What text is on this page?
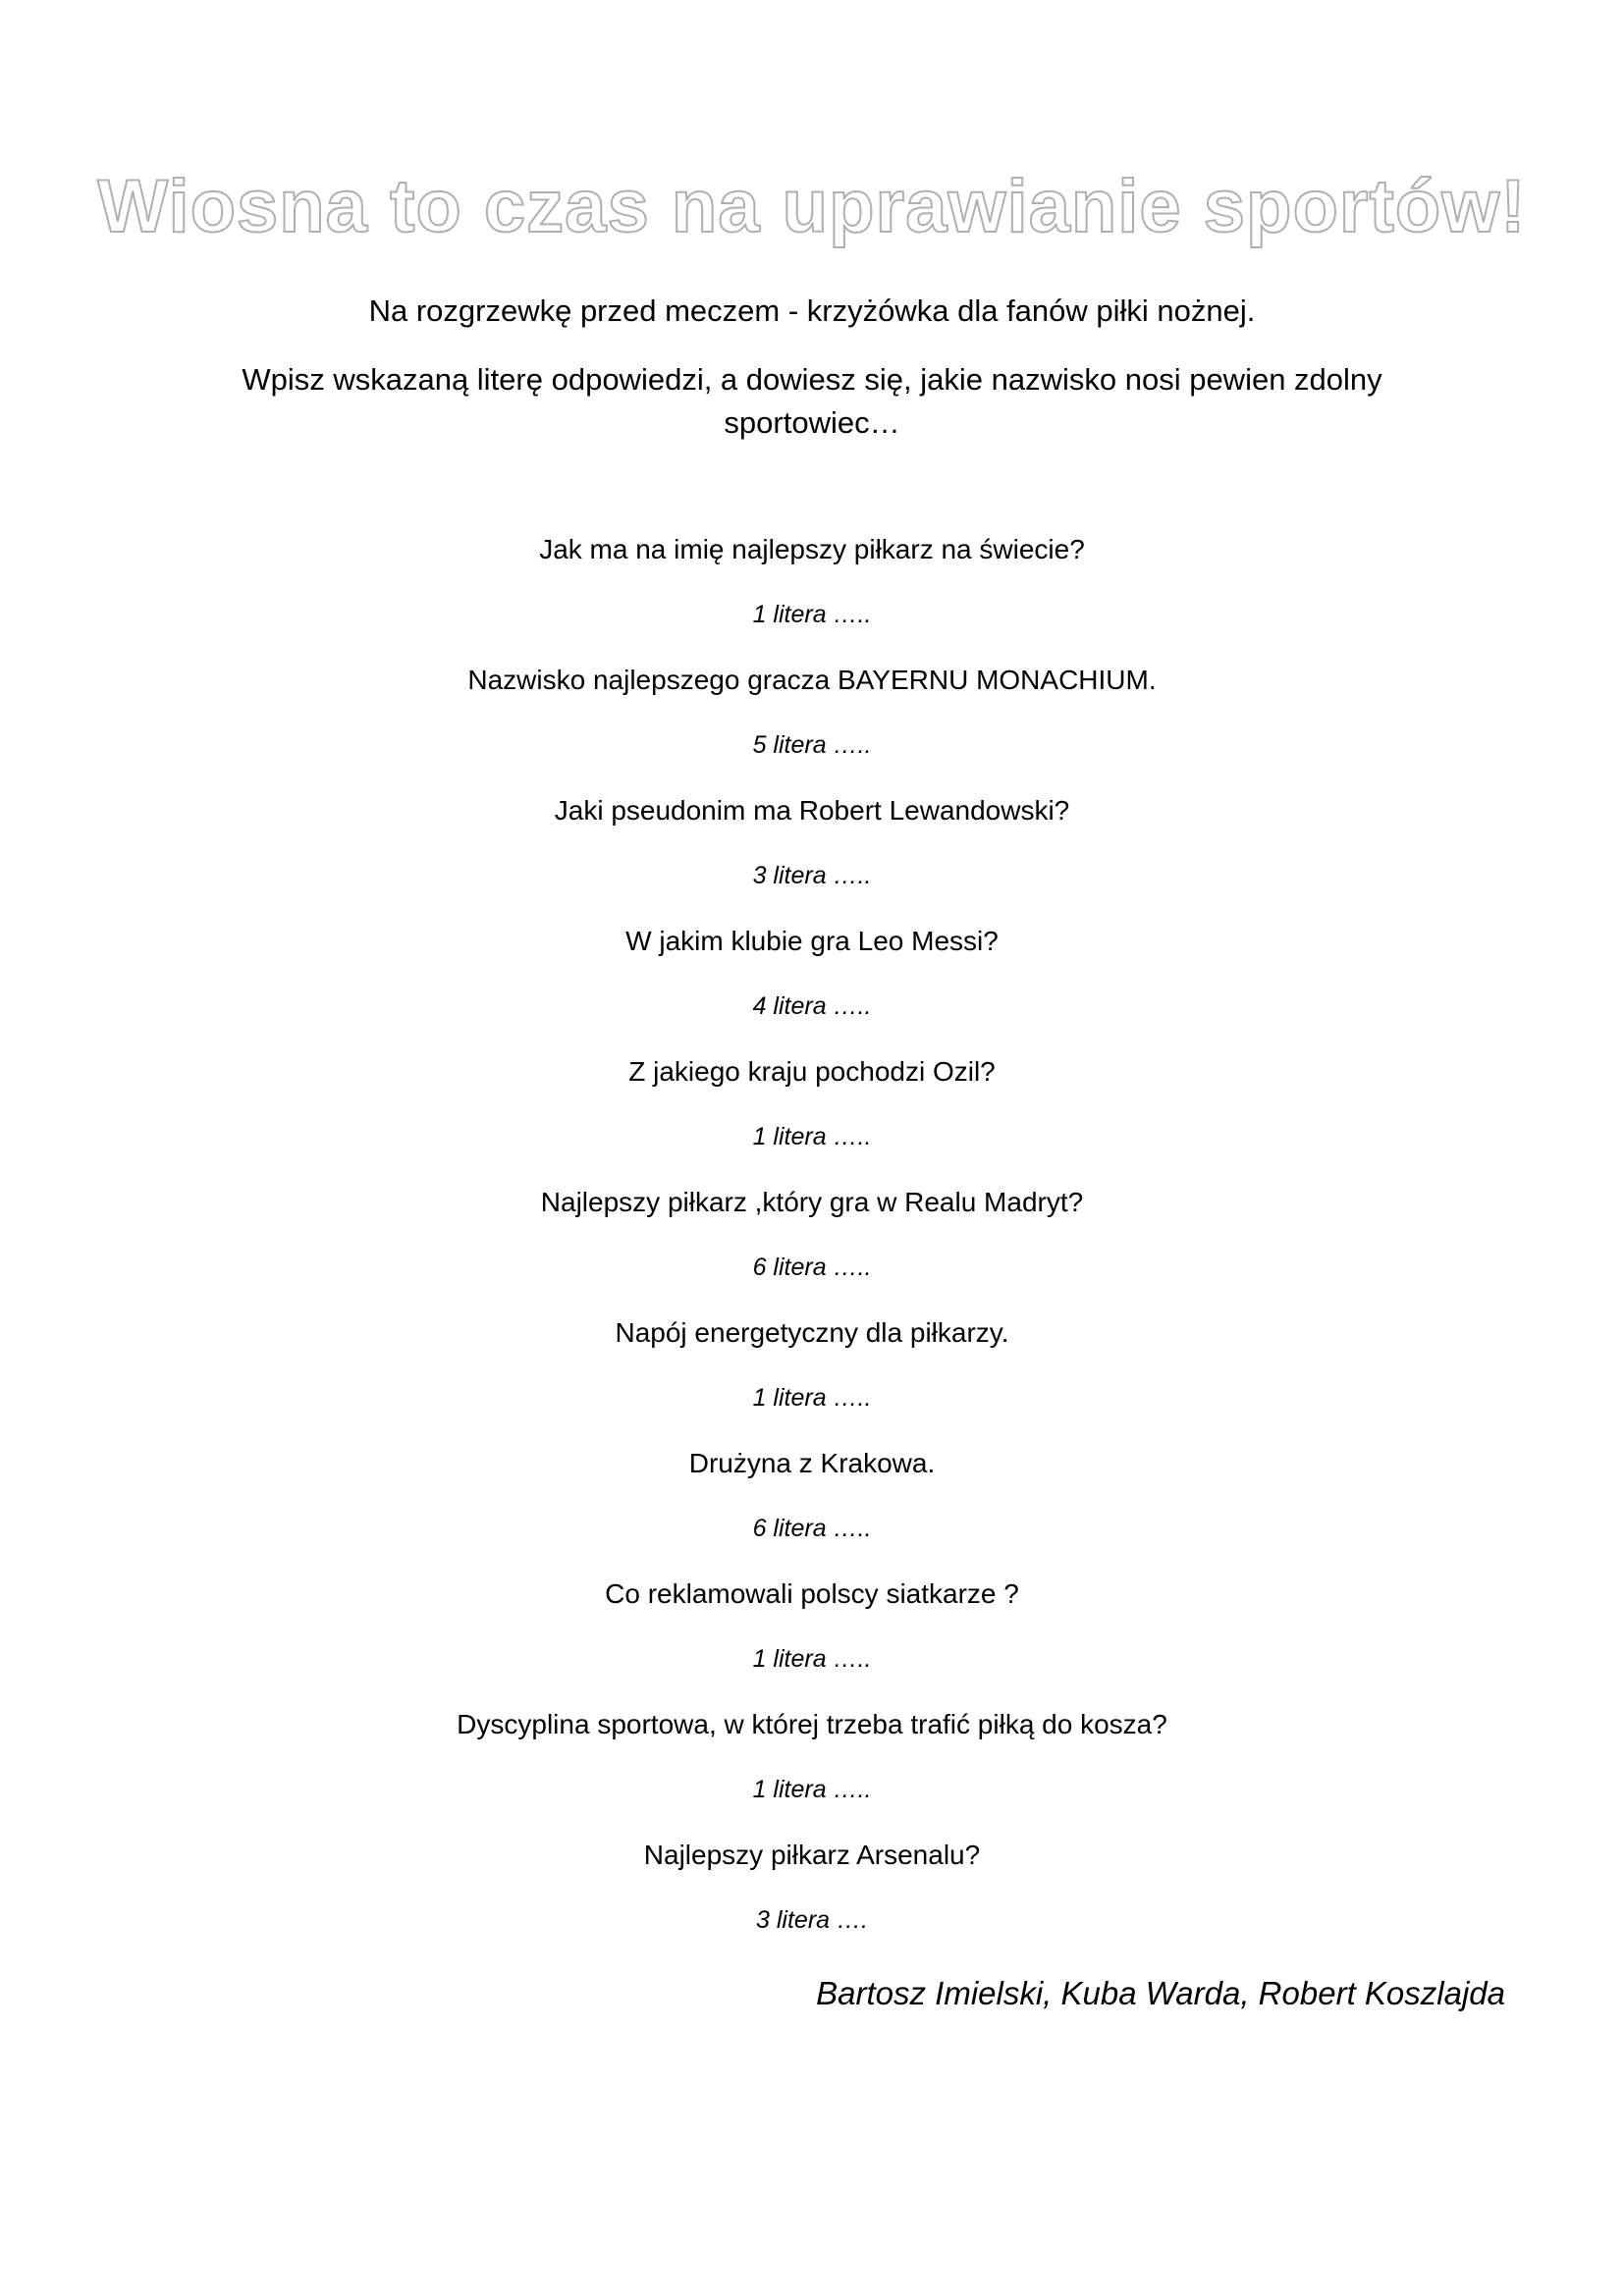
Wiosna to czas na uprawianie sportów!
Na rozgrzewkę przed meczem - krzyżówka dla fanów piłki nożnej.
Wpisz wskazaną literę odpowiedzi, a dowiesz się, jakie nazwisko nosi pewien zdolny sportowiec…
Jak ma na imię najlepszy piłkarz na świecie?
1 litera …..
Nazwisko najlepszego gracza BAYERNU MONACHIUM.
5 litera …..
Jaki pseudonim ma Robert Lewandowski?
3 litera …..
W jakim klubie gra Leo Messi?
4 litera …..
Z jakiego kraju pochodzi Ozil?
1 litera …..
Najlepszy piłkarz ,który gra w Realu Madryt?
6 litera …..
Napój energetyczny dla piłkarzy.
1 litera …..
Drużyna z Krakowa.
6 litera …..
Co reklamowali polscy siatkarze ?
1 litera …..
Dyscyplina sportowa, w której trzeba trafić piłką do kosza?
1 litera …..
Najlepszy piłkarz Arsenalu?
3 litera ….
Bartosz Imielski, Kuba Warda, Robert Koszlajda
